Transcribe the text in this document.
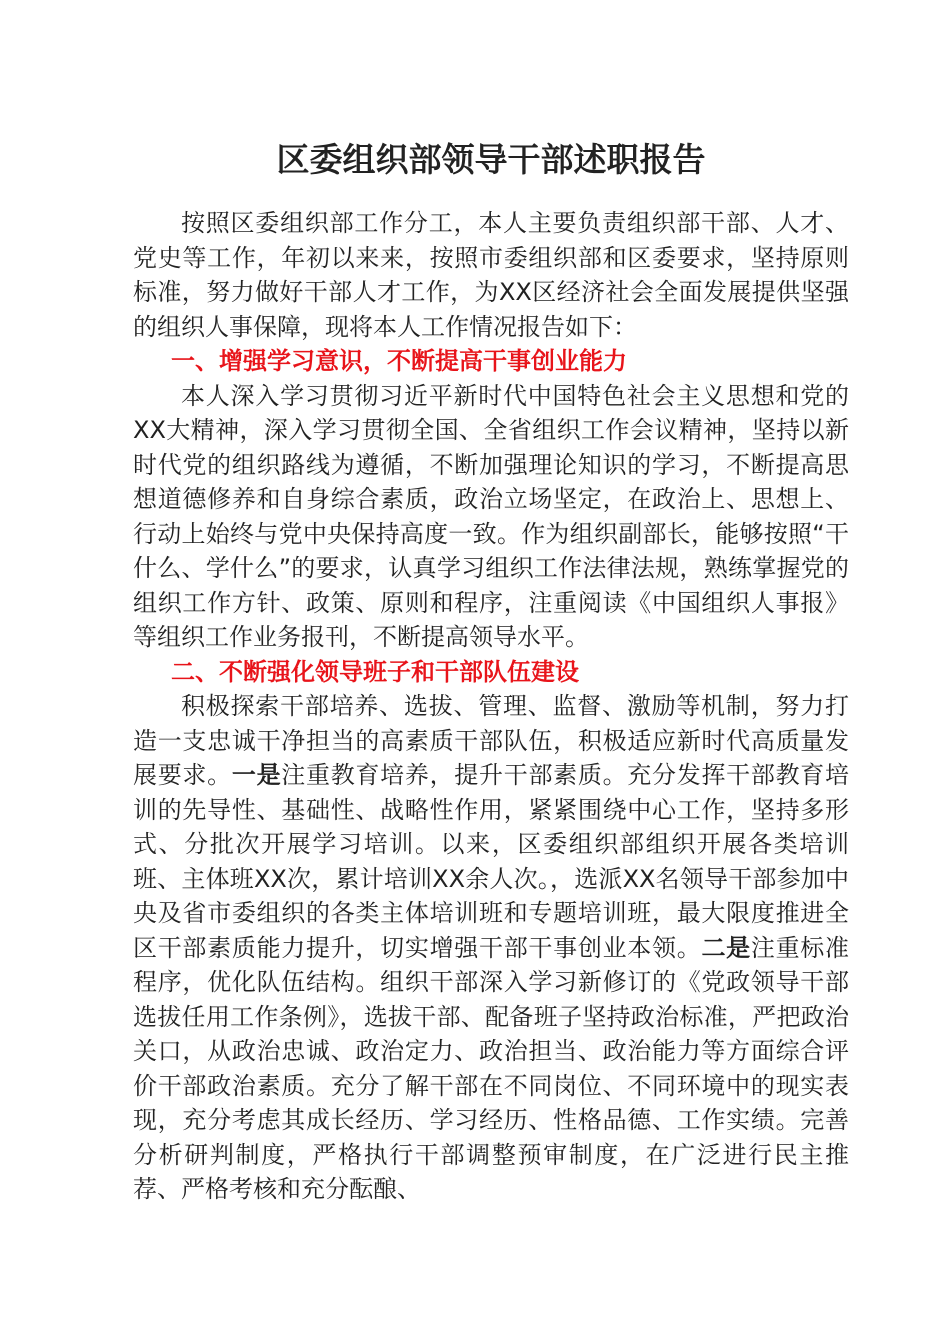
区委组织部领导干部述职报告

按照区委组织部工作分工，本人主要负责组织部干部、人才、党史等工作，年初以来来，按照市委组织部和区委要求，坚持原则标准，努力做好干部人才工作，为XX区经济社会全面发展提供坚强的组织人事保障，现将本人工作情况报告如下：

一、增强学习意识，不断提高干事创业能力

本人深入学习贯彻习近平新时代中国特色社会主义思想和党的XX大精神，深入学习贯彻全国、全省组织工作会议精神，坚持以新时代党的组织路线为遵循，不断加强理论知识的学习，不断提高思想道德修养和自身综合素质，政治立场坚定，在政治上、思想上、行动上始终与党中央保持高度一致。作为组织副部长，能够按照“干什么、学什么”的要求，认真学习组织工作法律法规，熟练掌握党的组织工作方针、政策、原则和程序，注重阅读《中国组织人事报》等组织工作业务报刊，不断提高领导水平。

二、不断强化领导班子和干部队伍建设

积极探索干部培养、选拔、管理、监督、激励等机制，努力打造一支忠诚干净担当的高素质干部队伍，积极适应新时代高质量发展要求。一是注重教育培养，提升干部素质。充分发挥干部教育培训的先导性、基础性、战略性作用，紧紧围绕中心工作，坚持多形式、分批次开展学习培训。以来，区委组织部组织开展各类培训班、主体班XX次，累计培训XX余人次。，选派XX名领导干部参加中央及省市委组织的各类主体培训班和专题培训班，最大限度推进全区干部素质能力提升，切实增强干部干事创业本领。二是注重标准程序，优化队伍结构。组织干部深入学习新修订的《党政领导干部选拔任用工作条例》，选拔干部、配备班子坚持政治标准，严把政治关口，从政治忠诚、政治定力、政治担当、政治能力等方面综合评价干部政治素质。充分了解干部在不同岗位、不同环境中的现实表现，充分考虑其成长经历、学习经历、性格品德、工作实绩。完善分析研判制度，严格执行干部调整预审制度，在广泛进行民主推荐、严格考核和充分酝酿、
